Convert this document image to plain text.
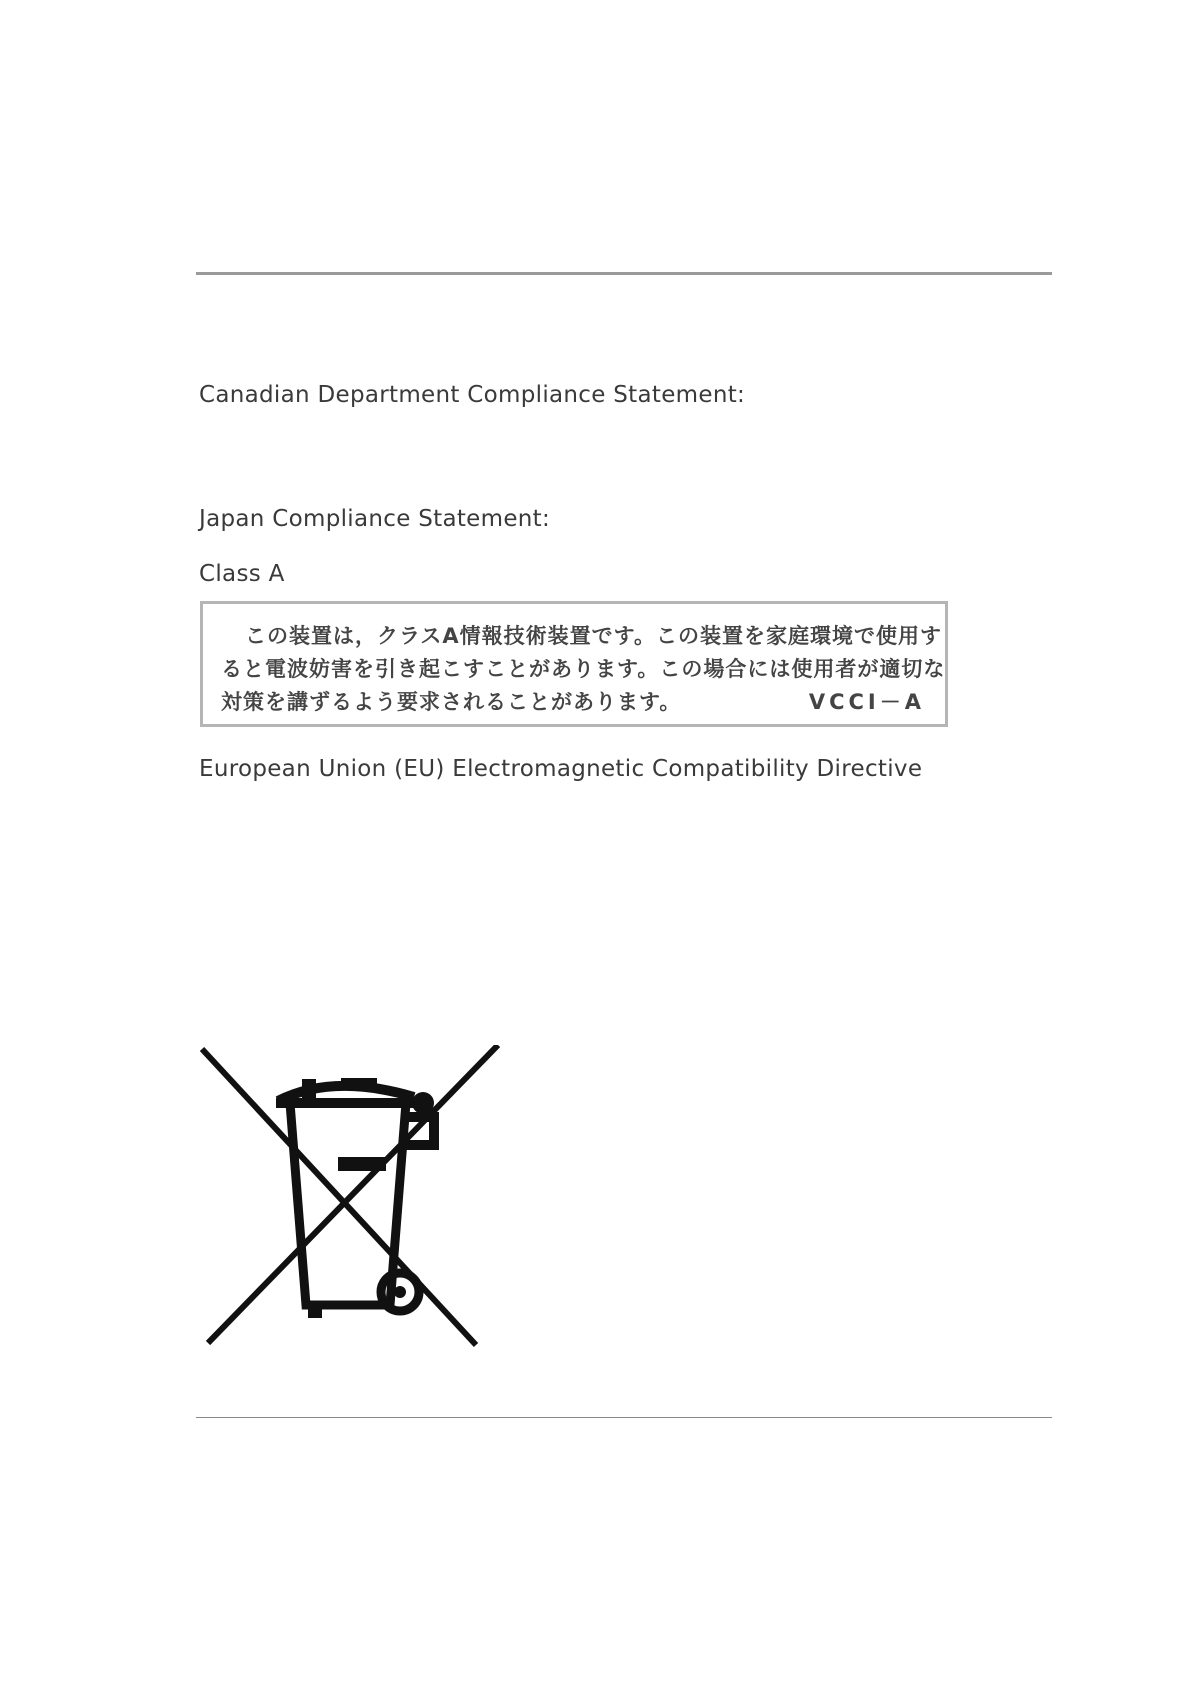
Canadian Department Compliance Statement:
Japan Compliance Statement:
Class A
この装置は，クラスA情報技術装置です。この装置を家庭環境で使用す
ると電波妨害を引き起こすことがあります。この場合には使用者が適切な
対策を講ずるよう要求されることがあります。	VCCI－A
European Union (EU) Electromagnetic Compatibility Directive
